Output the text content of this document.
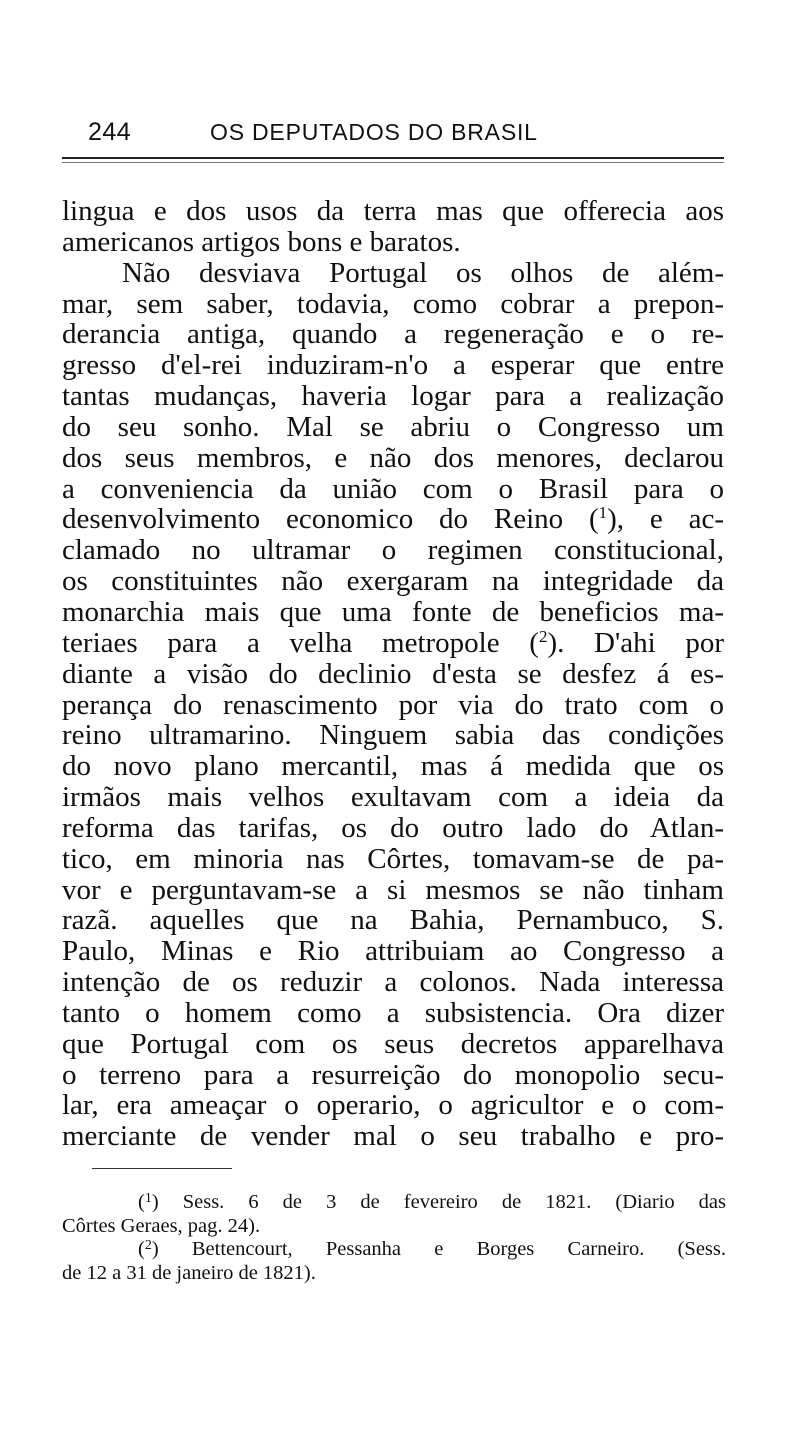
244	OS DEPUTADOS DO BRASIL
lingua e dos usos da terra mas que offerecia aos
americanos artigos bons e baratos.
Não desviava Portugal os olhos de além-
mar, sem saber, todavia, como cobrar a prepon-
derancia antiga, quando a regeneração e o re-
gresso d'el-rei induziram-n'o a esperar que entre
tantas mudanças, haveria logar para a realização
do seu sonho. Mal se abriu o Congresso um
dos seus membros, e não dos menores, declarou
a conveniencia da união com o Brasil para o
desenvolvimento economico do Reino ($^1$), e ac-
clamado no ultramar o regimen constitucional,
os constituintes não exergaram na integridade da
monarchia mais que uma fonte de beneficios ma-
teriaes para a velha metropole ($^2$). D'ahi por
diante a visão do declinio d'esta se desfez á es-
perança do renascimento por via do trato com o
reino ultramarino. Ninguem sabia das condições
do novo plano mercantil, mas á medida que os
irmãos mais velhos exultavam com a ideia da
reforma das tarifas, os do outro lado do Atlan-
tico, em minoria nas Côrtes, tomavam-se de pa-
vor e perguntavam-se a si mesmos se não tinham
razã. aquelles que na Bahia, Pernambuco, S.
Paulo, Minas e Rio attribuiam ao Congresso a
intenção de os reduzir a colonos. Nada interessa
tanto o homem como a subsistencia. Ora dizer
que Portugal com os seus decretos apparelhava
o terreno para a resurreição do monopolio secu-
lar, era ameaçar o operario, o agricultor e o com-
merciante de vender mal o seu trabalho e pro-
($^1$) Sess. 6 de 3 de fevereiro de 1821. (Diario das
Côrtes Geraes, pag. 24).
($^2$) Bettencourt, Pessanha e Borges Carneiro. (Sess.
de 12 a 31 de janeiro de 1821).
